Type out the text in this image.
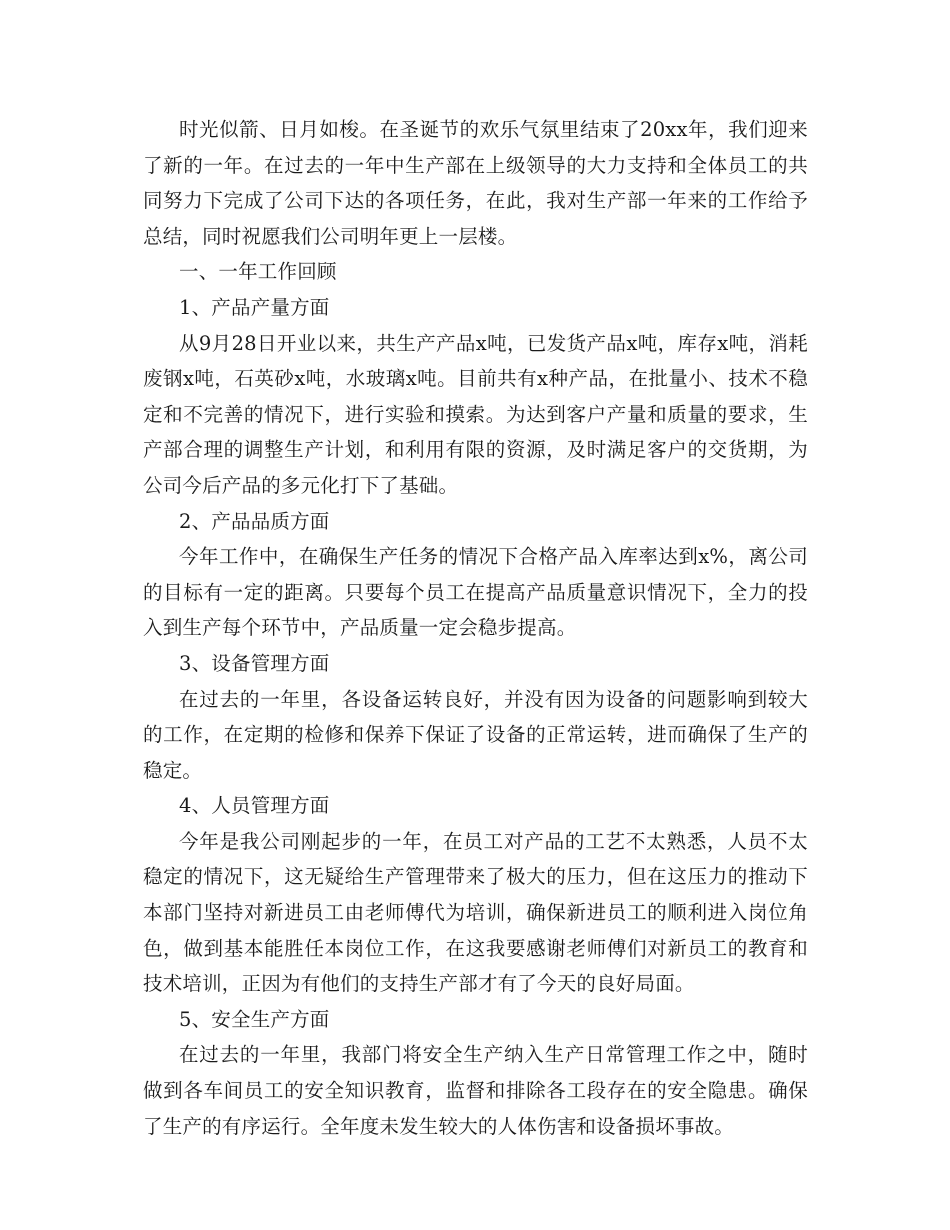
时光似箭、日月如梭。在圣诞节的欢乐气氛里结束了20xx年，我们迎来了新的一年。在过去的一年中生产部在上级领导的大力支持和全体员工的共同努力下完成了公司下达的各项任务，在此，我对生产部一年来的工作给予总结，同时祝愿我们公司明年更上一层楼。

一、一年工作回顾

1、产品产量方面

从9月28日开业以来，共生产产品x吨，已发货产品x吨，库存x吨，消耗废钢x吨，石英砂x吨，水玻璃x吨。目前共有x种产品，在批量小、技术不稳定和不完善的情况下，进行实验和摸索。为达到客户产量和质量的要求，生产部合理的调整生产计划，和利用有限的资源，及时满足客户的交货期，为公司今后产品的多元化打下了基础。

2、产品品质方面

今年工作中，在确保生产任务的情况下合格产品入库率达到x%，离公司的目标有一定的距离。只要每个员工在提高产品质量意识情况下，全力的投入到生产每个环节中，产品质量一定会稳步提高。

3、设备管理方面

在过去的一年里，各设备运转良好，并没有因为设备的问题影响到较大的工作，在定期的检修和保养下保证了设备的正常运转，进而确保了生产的稳定。

4、人员管理方面

今年是我公司刚起步的一年，在员工对产品的工艺不太熟悉，人员不太稳定的情况下，这无疑给生产管理带来了极大的压力，但在这压力的推动下本部门坚持对新进员工由老师傅代为培训，确保新进员工的顺利进入岗位角色，做到基本能胜任本岗位工作，在这我要感谢老师傅们对新员工的教育和技术培训，正因为有他们的支持生产部才有了今天的良好局面。

5、安全生产方面

在过去的一年里，我部门将安全生产纳入生产日常管理工作之中，随时做到各车间员工的安全知识教育，监督和排除各工段存在的安全隐患。确保了生产的有序运行。全年度未发生较大的人体伤害和设备损坏事故。
